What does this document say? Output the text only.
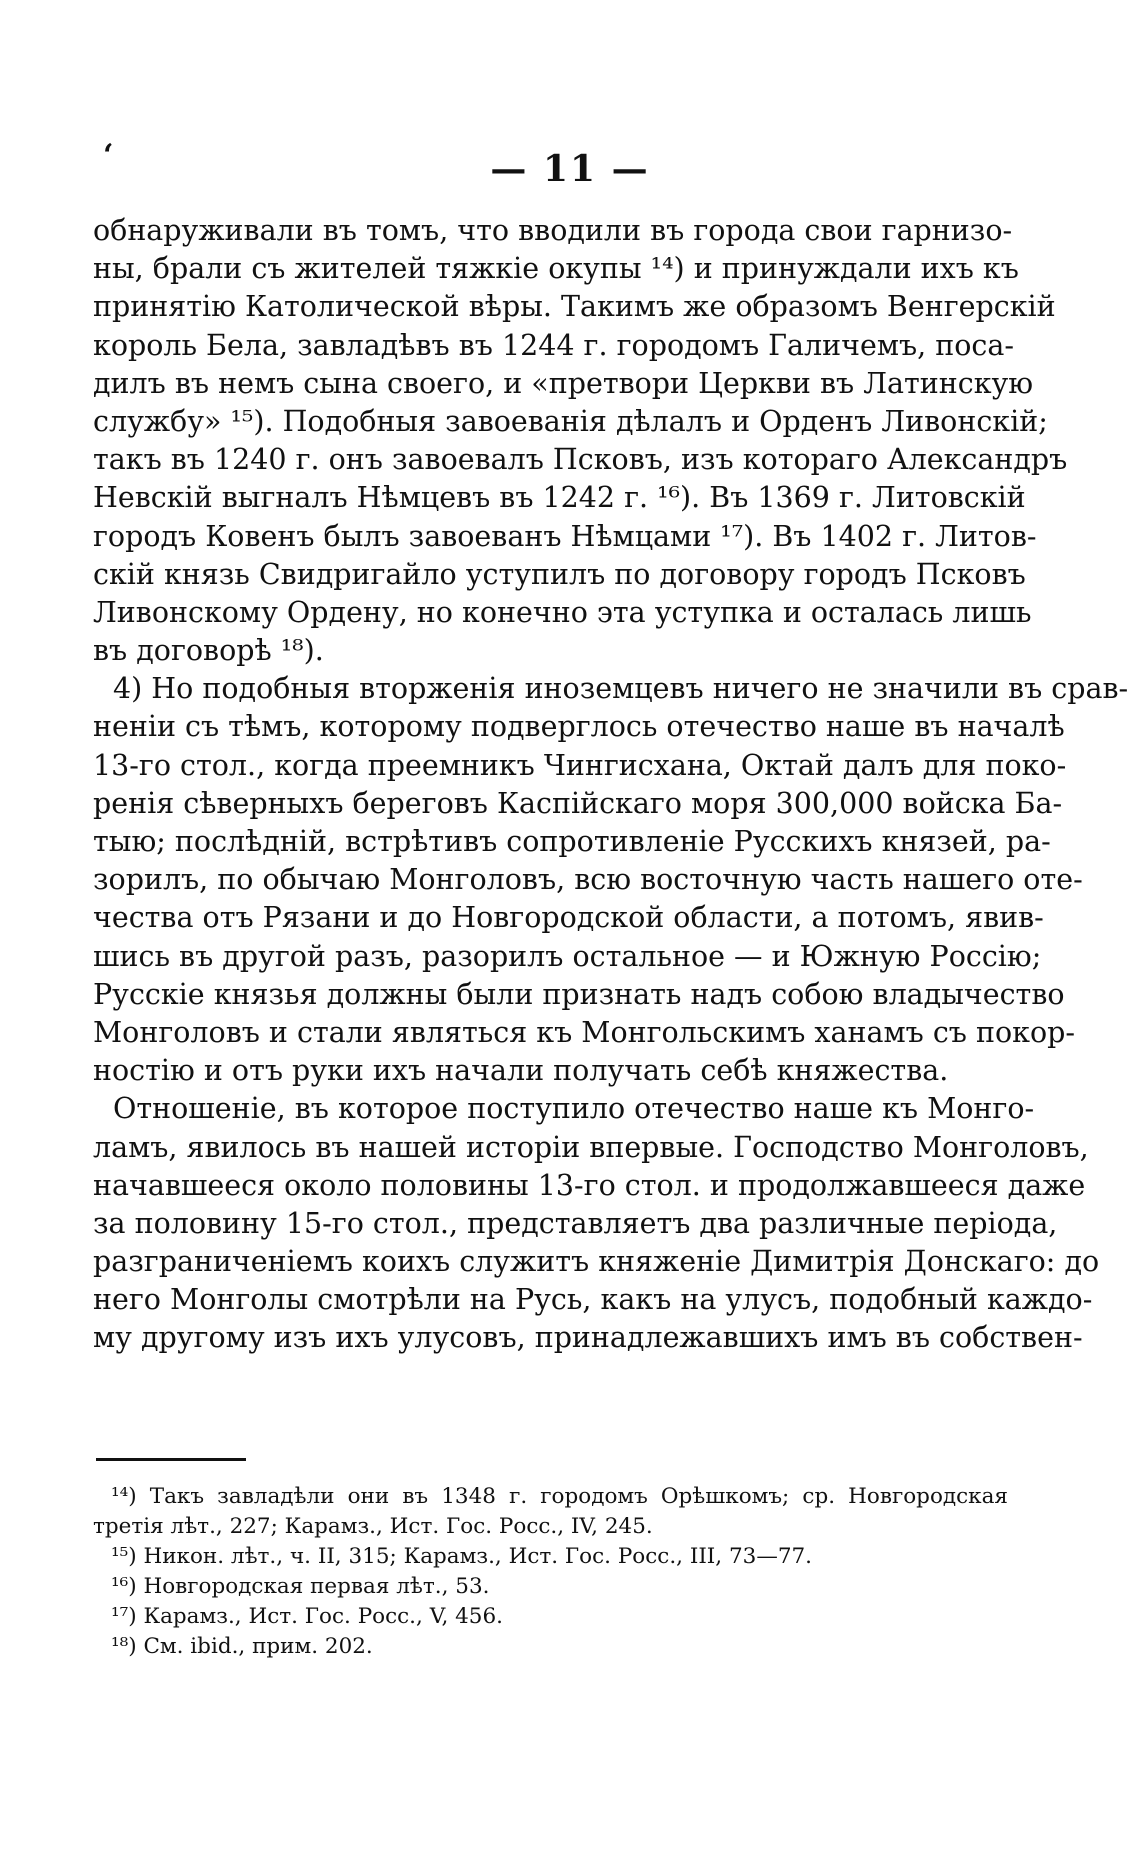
‘	— 11 —
обнаруживали въ томъ, что вводили въ города свои гарнизо-
ны, брали съ жителей тяжкіе окупы ¹⁴) и принуждали ихъ къ
принятію Католической вѣры. Такимъ же образомъ Венгерскій
король Бела, завладѣвъ въ 1244 г. городомъ Галичемъ, поса-
дилъ въ немъ сына своего, и «претвори Церкви въ Латинскую
службу» ¹⁵). Подобныя завоеванія дѣлалъ и Орденъ Ливонскій;
такъ въ 1240 г. онъ завоевалъ Псковъ, изъ котораго Александръ
Невскій выгналъ Нѣмцевъ въ 1242 г. ¹⁶). Въ 1369 г. Литовскій
городъ Ковенъ былъ завоеванъ Нѣмцами ¹⁷). Въ 1402 г. Литов-
скій князь Свидригайло уступилъ по договору городъ Псковъ
Ливонскому Ордену, но конечно эта уступка и осталась лишь
въ договорѣ ¹⁸).
4) Но подобныя вторженія иноземцевъ ничего не значили въ срав-
неніи съ тѣмъ, которому подверглось отечество наше въ началѣ
13-го стол., когда преемникъ Чингисхана, Октай далъ для поко-
ренія сѣверныхъ береговъ Каспійскаго моря 300,000 войска Ба-
тыю; послѣдній, встрѣтивъ сопротивленіе Русскихъ князей, ра-
зорилъ, по обычаю Монголовъ, всю восточную часть нашего оте-
чества отъ Рязани и до Новгородской области, а потомъ, явив-
шись въ другой разъ, разорилъ остальное — и Южную Россію;
Русскіе князья должны были признать надъ собою владычество
Монголовъ и стали являться къ Монгольскимъ ханамъ съ покор-
ностію и отъ руки ихъ начали получать себѣ княжества.
Отношеніе, въ которое поступило отечество наше къ Монго-
ламъ, явилось въ нашей исторіи впервые. Господство Монголовъ,
начавшееся около половины 13-го стол. и продолжавшееся даже
за половину 15-го стол., представляетъ два различные періода,
разграниченіемъ коихъ служитъ княженіе Димитрія Донскаго: до
него Монголы смотрѣли на Русь, какъ на улусъ, подобный каждо-
му другому изъ ихъ улусовъ, принадлежавшихъ имъ въ собствен-
¹⁴) Такъ завладѣли они въ 1348 г. городомъ Орѣшкомъ; ср. Новгородская
третія лѣт., 227; Карамз., Ист. Гос. Росс., IV, 245.
¹⁵) Никон. лѣт., ч. II, 315; Карамз., Ист. Гос. Росс., III, 73—77.
¹⁶) Новгородская первая лѣт., 53.
¹⁷) Карамз., Ист. Гос. Росс., V, 456.
¹⁸) См. ibid., прим. 202.
